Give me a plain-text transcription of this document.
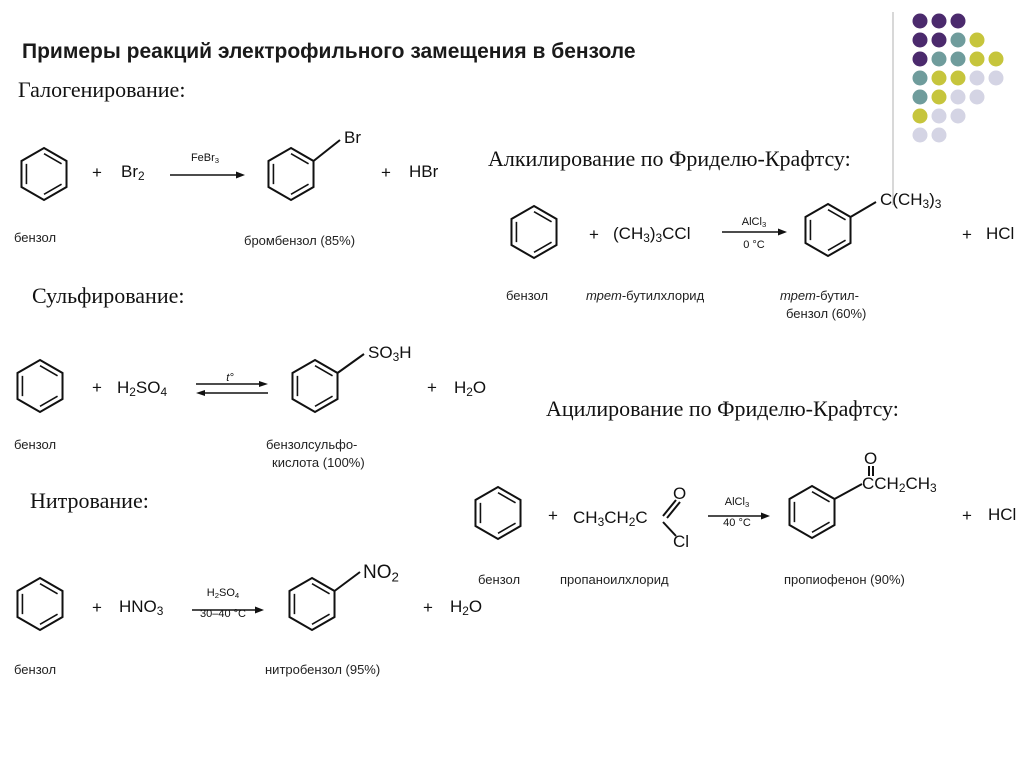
Примеры реакций электрофильного замещения в бензоле
Галогенирование:
Алкилирование по Фриделю-Крафтсу:
Сульфирование:
Ацилирование по Фриделю-Крафтсу:
Нитрование:
+ $Br_2$
FeBr$_3$
Br
+ HBr
бензол	бромбензол (85%)	+ $(CH_3)_3CCl$
AlCl$_3$
0 °C
$C(CH_3)_3$
+ HCl
бензол	трет-бутилхлорид	трет-бутил-
бензол (60%)
+ $H_2SO_4$
t°
$SO_3H$
+ $H_2O$
бензол	бензолсульфо-
кислота (100%)
+ $CH_3CH_2C$
O
Cl
AlCl$_3$
40 °C
O
$CCH_2CH_3$
+ HCl
бензол	пропаноилхлорид	пропиофенон (90%)
+ $HNO_3$
$H_2SO_4$
30–40 °C
$NO_2$
+ $H_2O$
бензол	нитробензол (95%)
